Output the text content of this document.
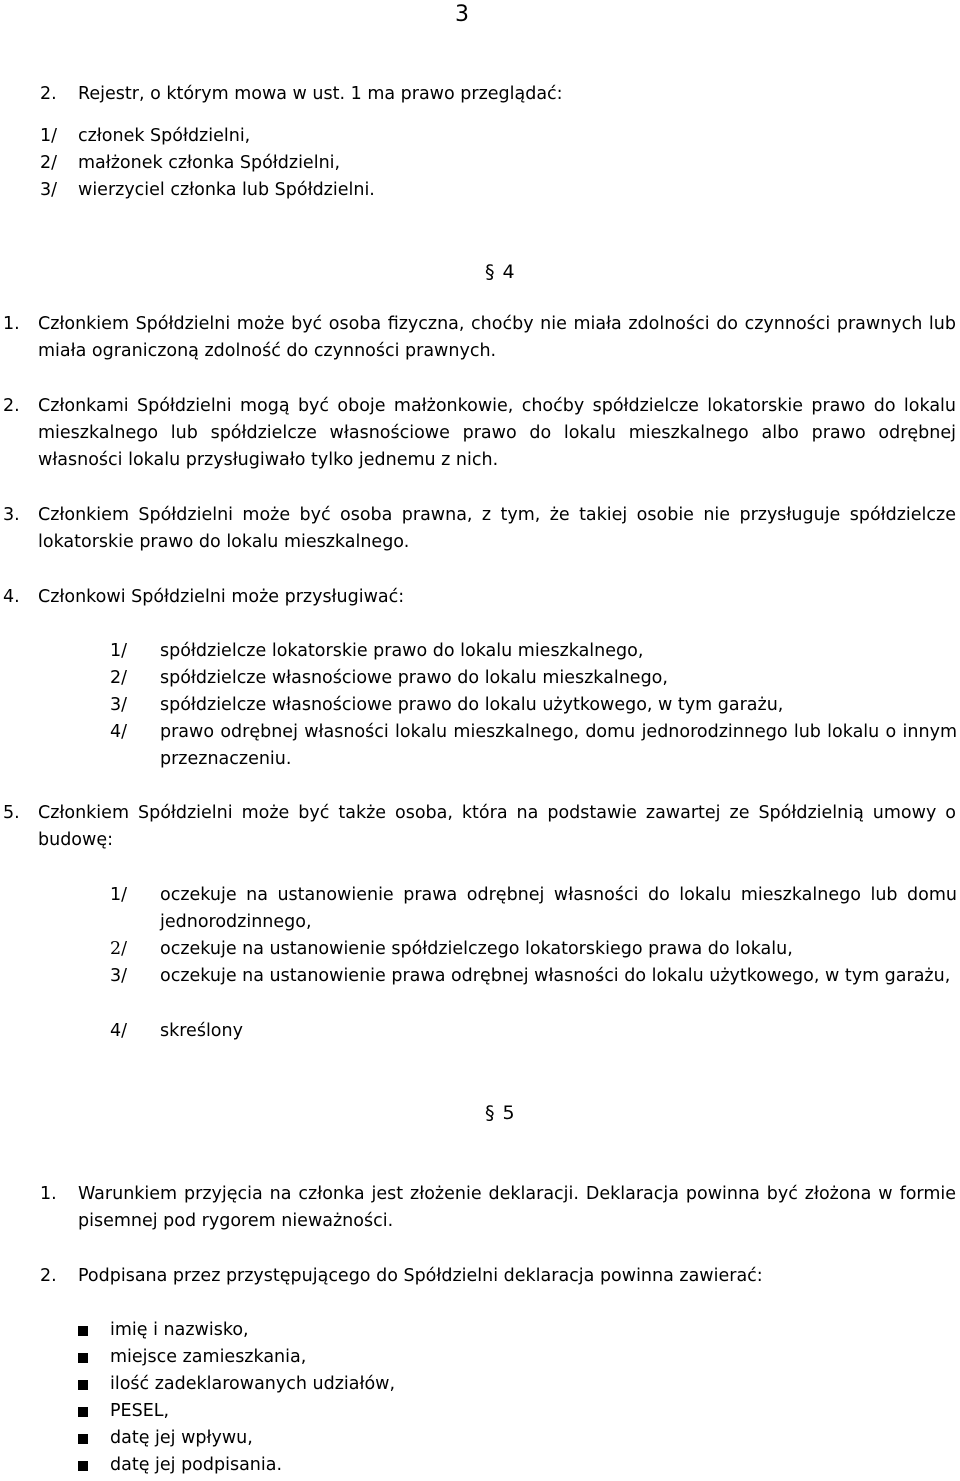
3
2. Rejestr, o którym mowa w ust. 1 ma prawo przeglądać:
1/ członek Spółdzielni,
2/ małżonek członka Spółdzielni,
3/ wierzyciel członka lub Spółdzielni.
§ 4
1. Członkiem Spółdzielni może być osoba fizyczna, choćby nie miała zdolności do czynności prawnych lub miała ograniczoną zdolność do czynności prawnych.
2. Członkami Spółdzielni mogą być oboje małżonkowie, choćby spółdzielcze lokatorskie prawo do lokalu mieszkalnego lub spółdzielcze własnościowe prawo do lokalu mieszkalnego albo prawo odrębnej własności lokalu przysługiwało tylko jednemu z nich.
3. Członkiem Spółdzielni może być osoba prawna, z tym, że takiej osobie nie przysługuje spółdzielcze lokatorskie prawo do lokalu mieszkalnego.
4. Członkowi Spółdzielni może przysługiwać:
1/ spółdzielcze lokatorskie prawo do lokalu mieszkalnego,
2/ spółdzielcze własnościowe prawo do lokalu mieszkalnego,
3/ spółdzielcze własnościowe prawo do lokalu użytkowego, w tym garażu,
4/ prawo odrębnej własności lokalu mieszkalnego, domu jednorodzinnego lub lokalu o innym przeznaczeniu.
5. Członkiem Spółdzielni może być także osoba, która na podstawie zawartej ze Spółdzielnią umowy o budowę:
1/ oczekuje na ustanowienie prawa odrębnej własności do lokalu mieszkalnego lub domu jednorodzinnego,
2/ oczekuje na ustanowienie spółdzielczego lokatorskiego prawa do lokalu,
3/ oczekuje na ustanowienie prawa odrębnej własności do lokalu użytkowego, w tym garażu,
4/ skreślony
§ 5
1. Warunkiem przyjęcia na członka jest złożenie deklaracji. Deklaracja powinna być złożona w formie pisemnej pod rygorem nieważności.
2. Podpisana przez przystępującego do Spółdzielni deklaracja powinna zawierać:
imię i nazwisko,
miejsce zamieszkania,
ilość zadeklarowanych udziałów,
PESEL,
datę jej wpływu,
datę jej podpisania.
